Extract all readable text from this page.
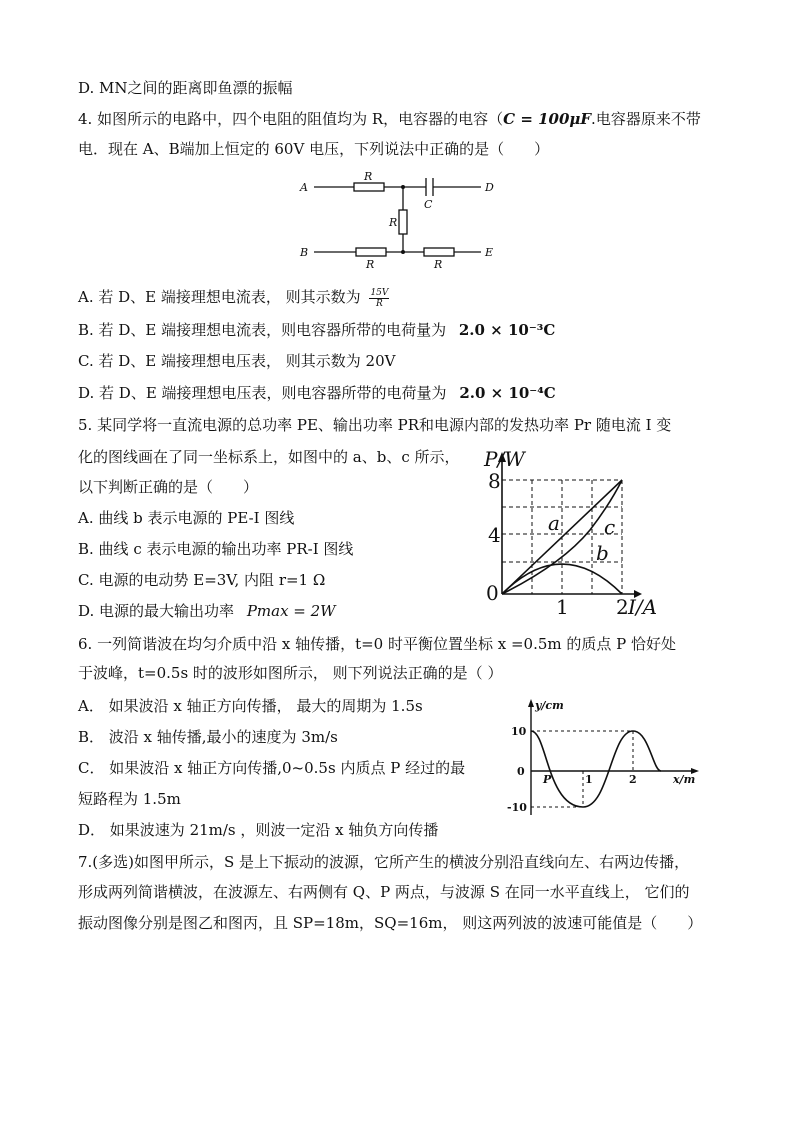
D. MN之间的距离即鱼漂的振幅
4. 如图所示的电路中，四个电阻的阻值均为 R，电容器的电容（C = 100μF.电容器原来不带
电．现在 A、B端加上恒定的 60V 电压，下列说法中正确的是（　　）
A
B
D
E
C
R
R
R	R
A. 若 D、E 端接理想电流表， 则其示数为 $\frac{15V}{R}$
B. 若 D、E 端接理想电流表，则电容器所带的电荷量为 2.0 × 10⁻³C
C. 若 D、E 端接理想电压表， 则其示数为 20V
D. 若 D、E 端接理想电压表，则电容器所带的电荷量为 2.0 × 10⁻⁴C
5. 某同学将一直流电源的总功率 PE、输出功率 PR和电源内部的发热功率 Pr 随电流 I 变
化的图线画在了同一坐标系上，如图中的 a、b、c 所示，
以下判断正确的是（　　）
A. 曲线 b 表示电源的 PE-I 图线
B. 曲线 c 表示电源的输出功率 PR-I 图线
C. 电源的电动势 E=3V, 内阻 r=1 Ω
D. 电源的最大输出功率 Pmax = 2W
P/W
I/A
0
4
8
1 2
a c
b
6. 一列简谐波在均匀介质中沿 x 轴传播，t=0 时平衡位置坐标 x =0.5m 的质点 P 恰好处
于波峰，t=0.5s 时的波形如图所示， 则下列说法正确的是（ ）
A． 如果波沿 x 轴正方向传播， 最大的周期为 1.5s
B． 波沿 x 轴传播,最小的速度为 3m/s
C． 如果波沿 x 轴正方向传播,0~0.5s 内质点 P 经过的最
短路程为 1.5m
D． 如果波速为 21m/s ，则波一定沿 x 轴负方向传播
y/cm
x/m
10
0
-10
1	2
P
7.(多选)如图甲所示，S 是上下振动的波源，它所产生的横波分别沿直线向左、右两边传播，
形成两列简谐横波，在波源左、右两侧有 Q、P 两点，与波源 S 在同一水平直线上， 它们的
振动图像分别是图乙和图丙，且 SP=18m，SQ=16m， 则这两列波的波速可能值是（　　）
